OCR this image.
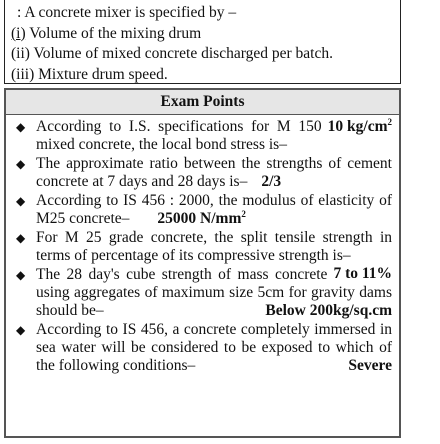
: A concrete mixer is specified by –
(i) Volume of the mixing drum
(ii) Volume of mixed concrete discharged per batch.
(iii) Mixture drum speed.
Exam Points
◆	10 $kg/cm^2$
According to I.S. specifications for M 150 mixed concrete, the local bond stress is–
◆ The approximate ratio between the strengths of cement concrete at 7 days and 28 days is– 2/3
◆ According to IS 456 : 2000, the modulus of elasticity of M25 concrete– 25000 $N/mm^2$
◆ For M 25 grade concrete, the split tensile strength in terms of percentage of its compressive strength is–
7 to 11%
◆ The 28 day's cube strength of mass concrete using aggregates of maximum size 5cm for gravity dams should be–	Below 200kg/sq.cm
◆ According to IS 456, a concrete completely immersed in sea water will be considered to be exposed to which of the following conditions–	Severe
